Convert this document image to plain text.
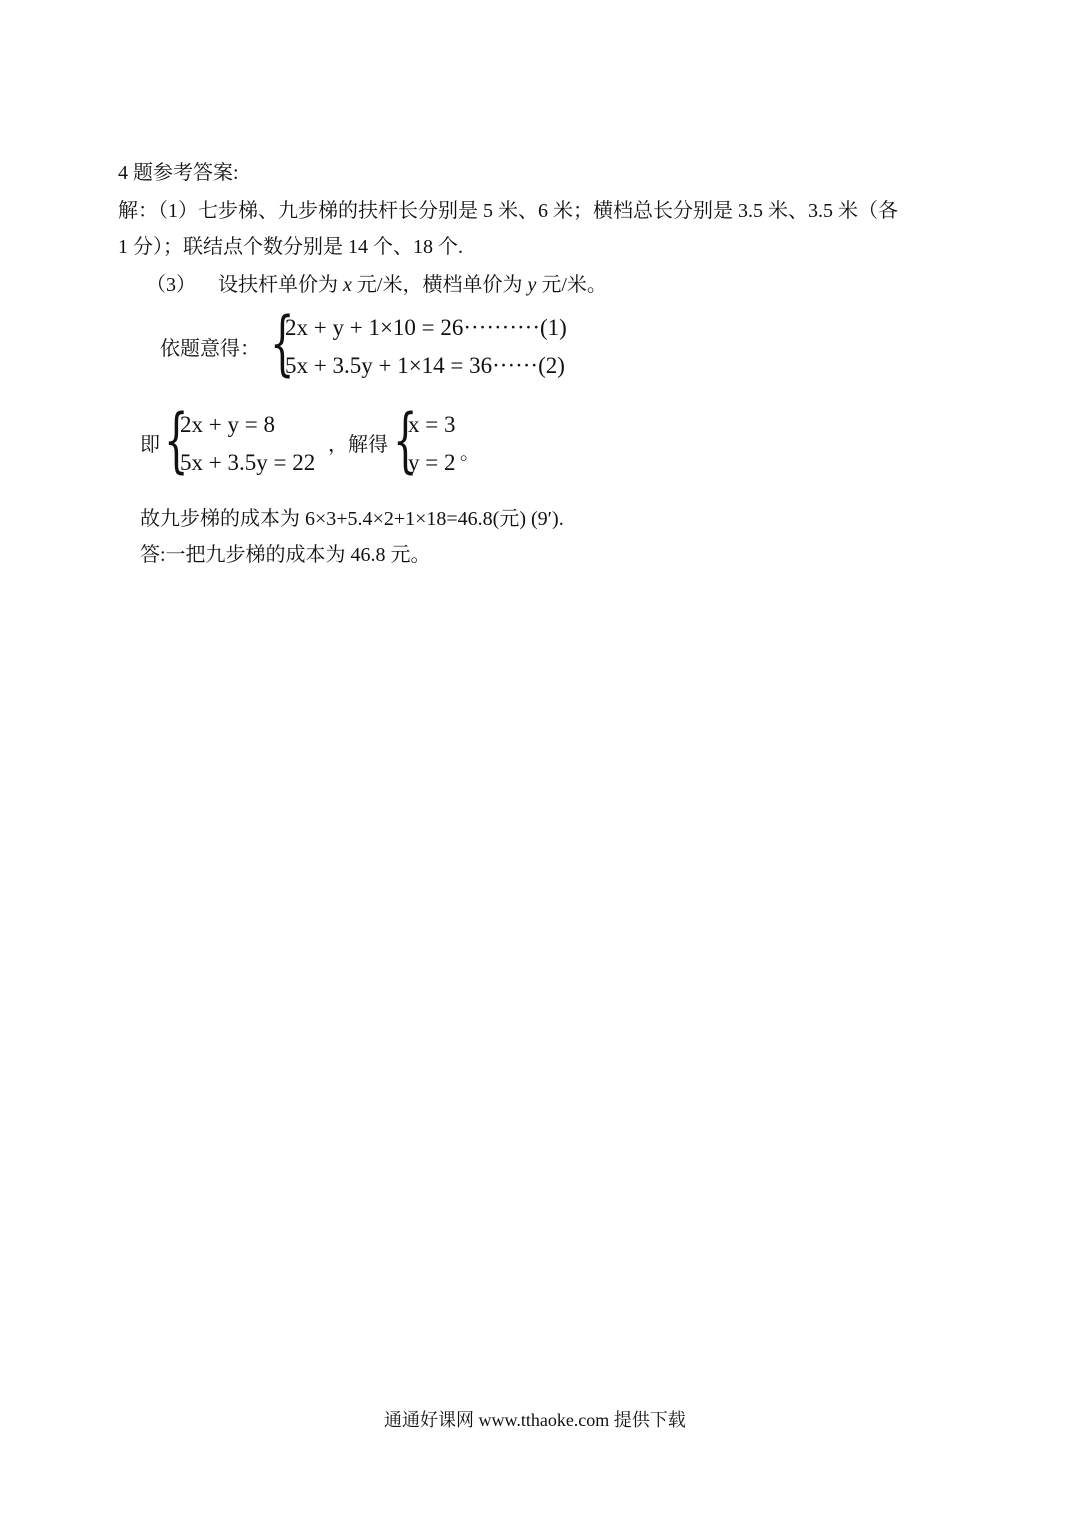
4 题参考答案:
解：（1）七步梯、九步梯的扶杆长分别是 5 米、6 米；横档总长分别是 3.5 米、3.5 米（各
1 分）；联结点个数分别是 14 个、18 个.
（3） 设扶杆单价为 x 元/米，横档单价为 y 元/米。
依题意得： {
2x + y + 1×10 = 26··········(1)
5x + 3.5y + 1×14 = 36······(2)
即 {
2x + y = 8
5x + 3.5y = 22
，解得 {
x = 3
y = 2 。
故九步梯的成本为 6×3+5.4×2+1×18=46.8(元) (9′).
答:一把九步梯的成本为 46.8 元。
通通好课网 www.tthaoke.com 提供下载
